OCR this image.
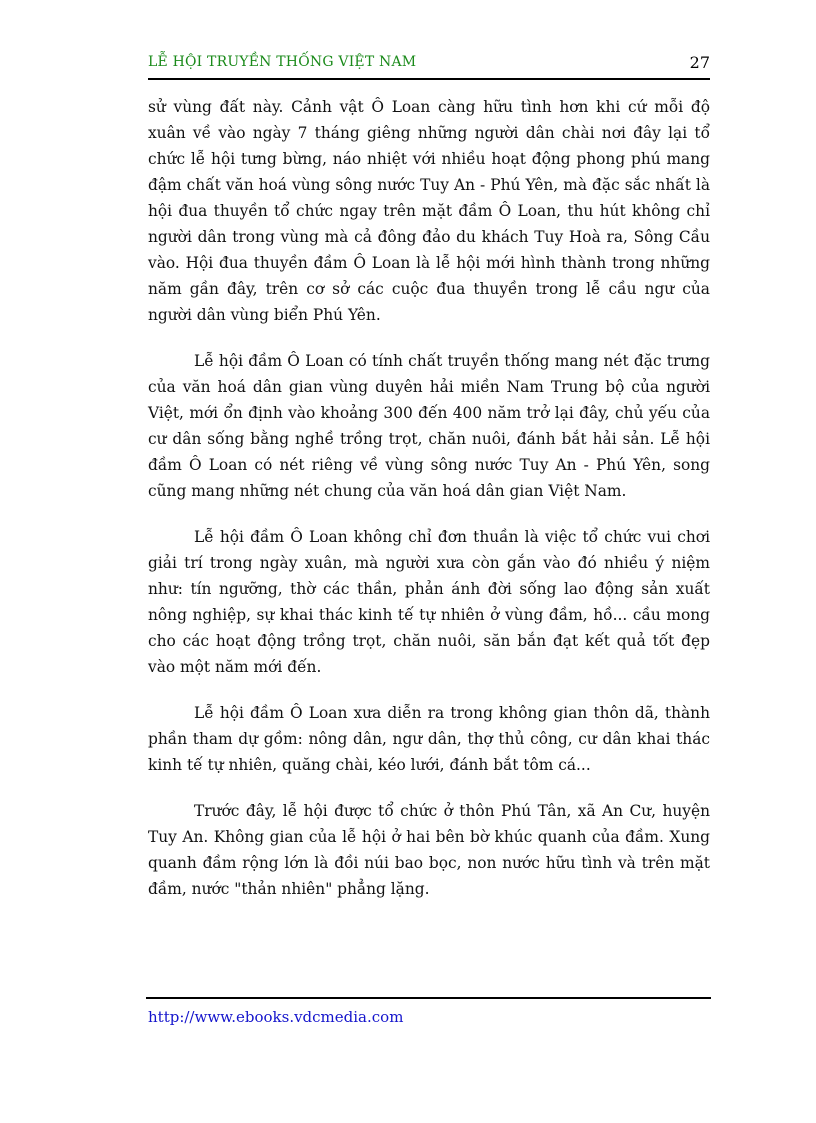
LỄ HỘI TRUYỀN THỐNG VIỆT NAM	27

sử vùng đất này. Cảnh vật Ô Loan càng hữu tình hơn khi cứ mỗi độ xuân về vào ngày 7 tháng giêng những người dân chài nơi đây lại tổ chức lễ hội tưng bừng, náo nhiệt với nhiều hoạt động phong phú mang đậm chất văn hoá vùng sông nước Tuy An - Phú Yên, mà đặc sắc nhất là hội đua thuyền tổ chức ngay trên mặt đầm Ô Loan, thu hút không chỉ người dân trong vùng mà cả đông đảo du khách Tuy Hoà ra, Sông Cầu vào. Hội đua thuyền đầm Ô Loan là lễ hội mới hình thành trong những năm gần đây, trên cơ sở các cuộc đua thuyền trong lễ cầu ngư của người dân vùng biển Phú Yên.

Lễ hội đầm Ô Loan có tính chất truyền thống mang nét đặc trưng của văn hoá dân gian vùng duyên hải miền Nam Trung bộ của người Việt, mới ổn định vào khoảng 300 đến 400 năm trở lại đây, chủ yếu của cư dân sống bằng nghề trồng trọt, chăn nuôi, đánh bắt hải sản. Lễ hội đầm Ô Loan có nét riêng về vùng sông nước Tuy An - Phú Yên, song cũng mang những nét chung của văn hoá dân gian Việt Nam.

Lễ hội đầm Ô Loan không chỉ đơn thuần là việc tổ chức vui chơi giải trí trong ngày xuân, mà người xưa còn gắn vào đó nhiều ý niệm như: tín ngưỡng, thờ các thần, phản ánh đời sống lao động sản xuất nông nghiệp, sự khai thác kinh tế tự nhiên ở vùng đầm, hồ... cầu mong cho các hoạt động trồng trọt, chăn nuôi, săn bắn đạt kết quả tốt đẹp vào một năm mới đến.

Lễ hội đầm Ô Loan xưa diễn ra trong không gian thôn dã, thành phần tham dự gồm: nông dân, ngư dân, thợ thủ công, cư dân khai thác kinh tế tự nhiên, quăng chài, kéo lưới, đánh bắt tôm cá...

Trước đây, lễ hội được tổ chức ở thôn Phú Tân, xã An Cư, huyện Tuy An. Không gian của lễ hội ở hai bên bờ khúc quanh của đầm. Xung quanh đầm rộng lớn là đồi núi bao bọc, non nước hữu tình và trên mặt đầm, nước "thản nhiên" phẳng lặng.

http://www.ebooks.vdcmedia.com
